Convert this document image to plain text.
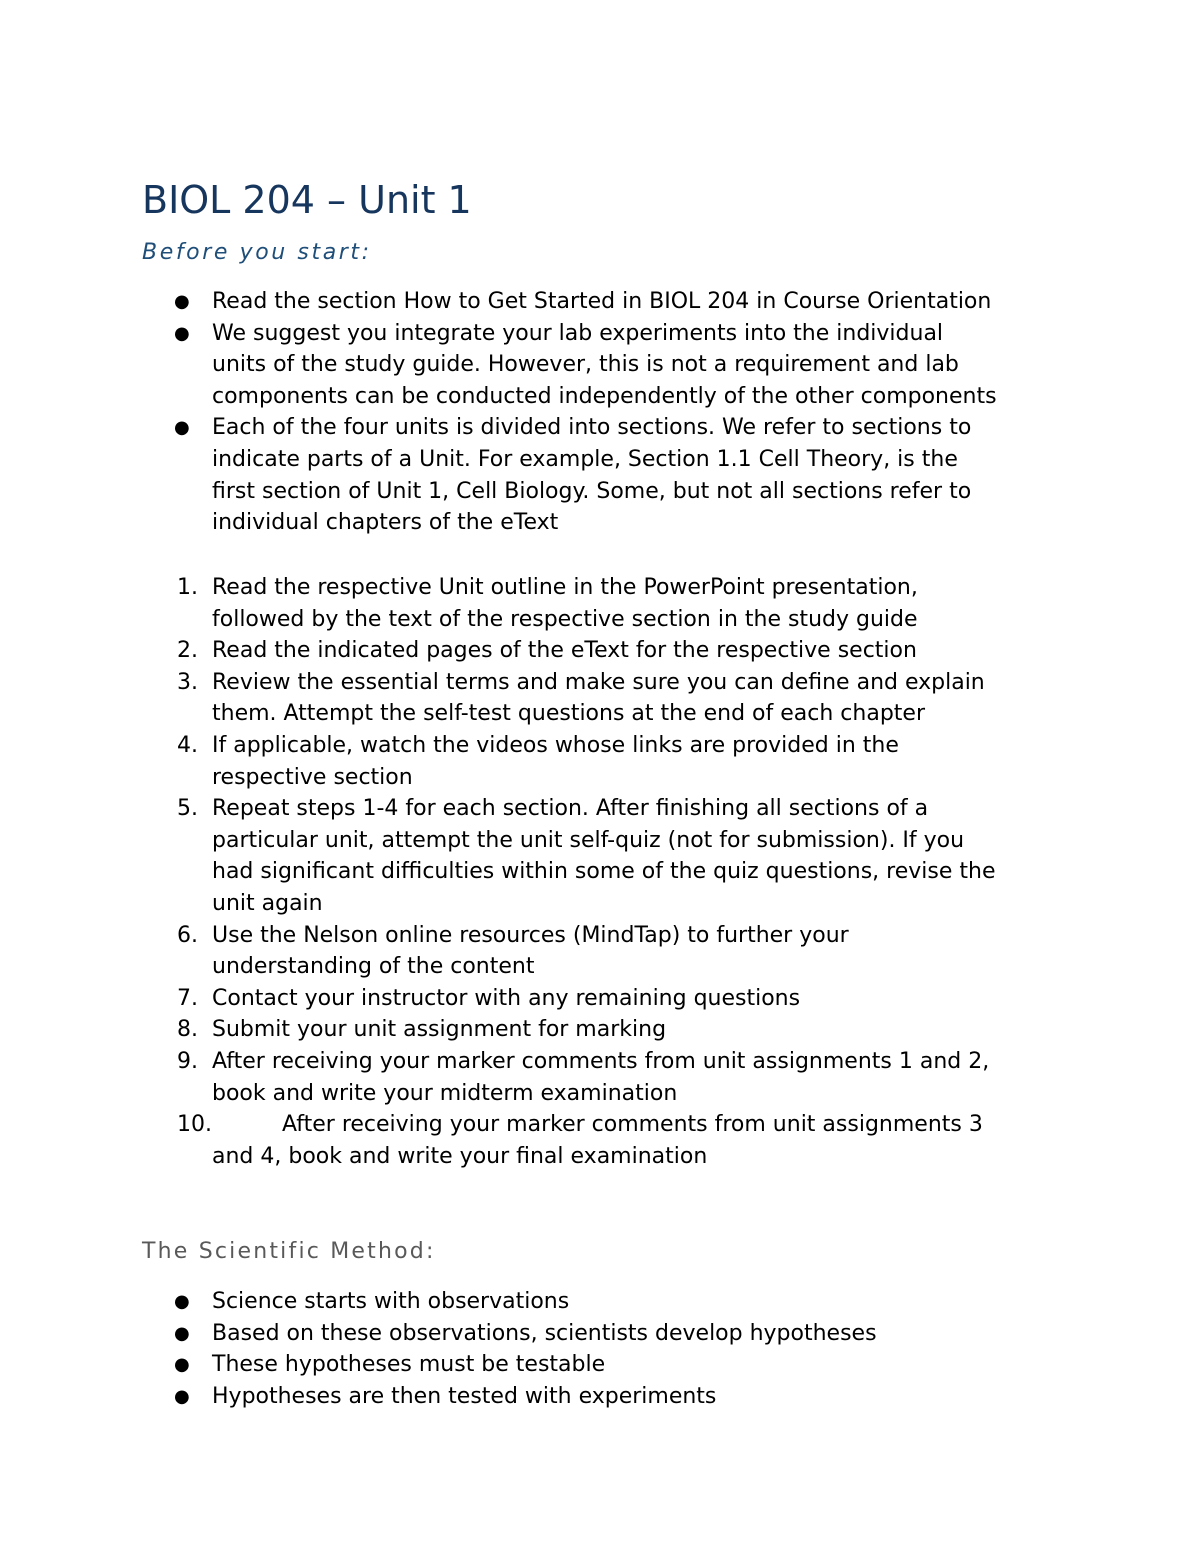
BIOL 204 – Unit 1
Before you start:
● Read the section How to Get Started in BIOL 204 in Course Orientation
● We suggest you integrate your lab experiments into the individual
units of the study guide. However, this is not a requirement and lab
components can be conducted independently of the other components
● Each of the four units is divided into sections. We refer to sections to
indicate parts of a Unit. For example, Section 1.1 Cell Theory, is the
first section of Unit 1, Cell Biology. Some, but not all sections refer to
individual chapters of the eText
1. Read the respective Unit outline in the PowerPoint presentation,
followed by the text of the respective section in the study guide
2. Read the indicated pages of the eText for the respective section
3. Review the essential terms and make sure you can define and explain
them. Attempt the self-test questions at the end of each chapter
4. If applicable, watch the videos whose links are provided in the
respective section
5. Repeat steps 1-4 for each section. After finishing all sections of a
particular unit, attempt the unit self-quiz (not for submission). If you
had significant difficulties within some of the quiz questions, revise the
unit again
6. Use the Nelson online resources (MindTap) to further your
understanding of the content
7. Contact your instructor with any remaining questions
8. Submit your unit assignment for marking
9. After receiving your marker comments from unit assignments 1 and 2,
book and write your midterm examination
10.	After receiving your marker comments from unit assignments 3
and 4, book and write your final examination
The Scientific Method:
● Science starts with observations
● Based on these observations, scientists develop hypotheses
● These hypotheses must be testable
● Hypotheses are then tested with experiments
